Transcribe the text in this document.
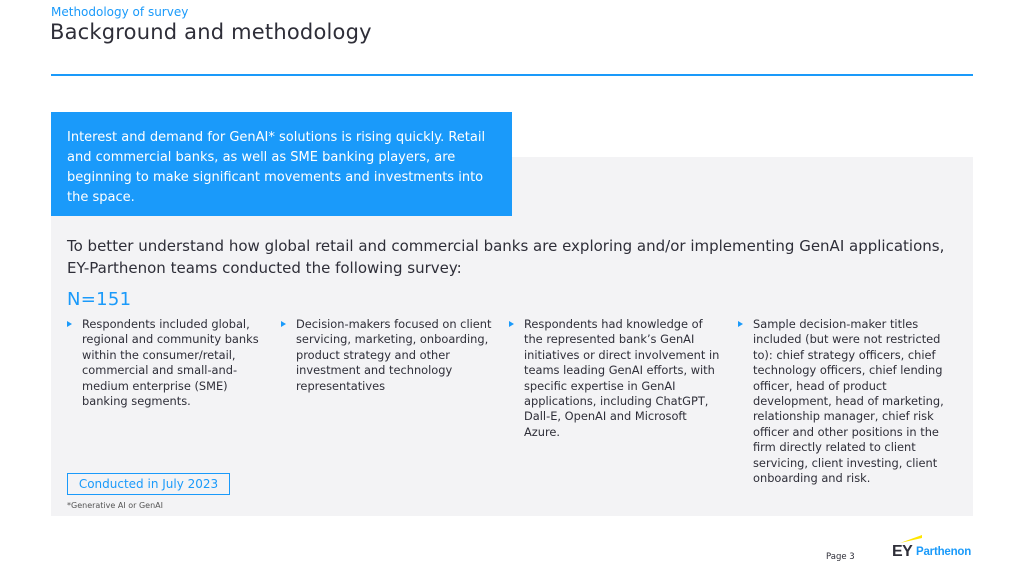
Methodology of survey
Background and methodology
Interest and demand for GenAI* solutions is rising quickly. Retail and commercial banks, as well as SME banking players, are beginning to make significant movements and investments into the space.
To better understand how global retail and commercial banks are exploring and/or implementing GenAI applications, EY-Parthenon teams conducted the following survey:
N=151
Respondents included global, regional and community banks within the consumer/retail, commercial and small-and-medium enterprise (SME) banking segments.
Decision-makers focused on client servicing, marketing, onboarding, product strategy and other investment and technology representatives
Respondents had knowledge of the represented bank’s GenAI initiatives or direct involvement in teams leading GenAI efforts, with specific expertise in GenAI applications, including ChatGPT, Dall-E, OpenAI and Microsoft Azure.
Sample decision-maker titles included (but were not restricted to): chief strategy officers, chief technology officers, chief lending officer, head of product development, head of marketing, relationship manager, chief risk officer and other positions in the firm directly related to client servicing, client investing, client onboarding and risk.
Conducted in July 2023
*Generative AI or GenAI
Page 3 EY Parthenon
